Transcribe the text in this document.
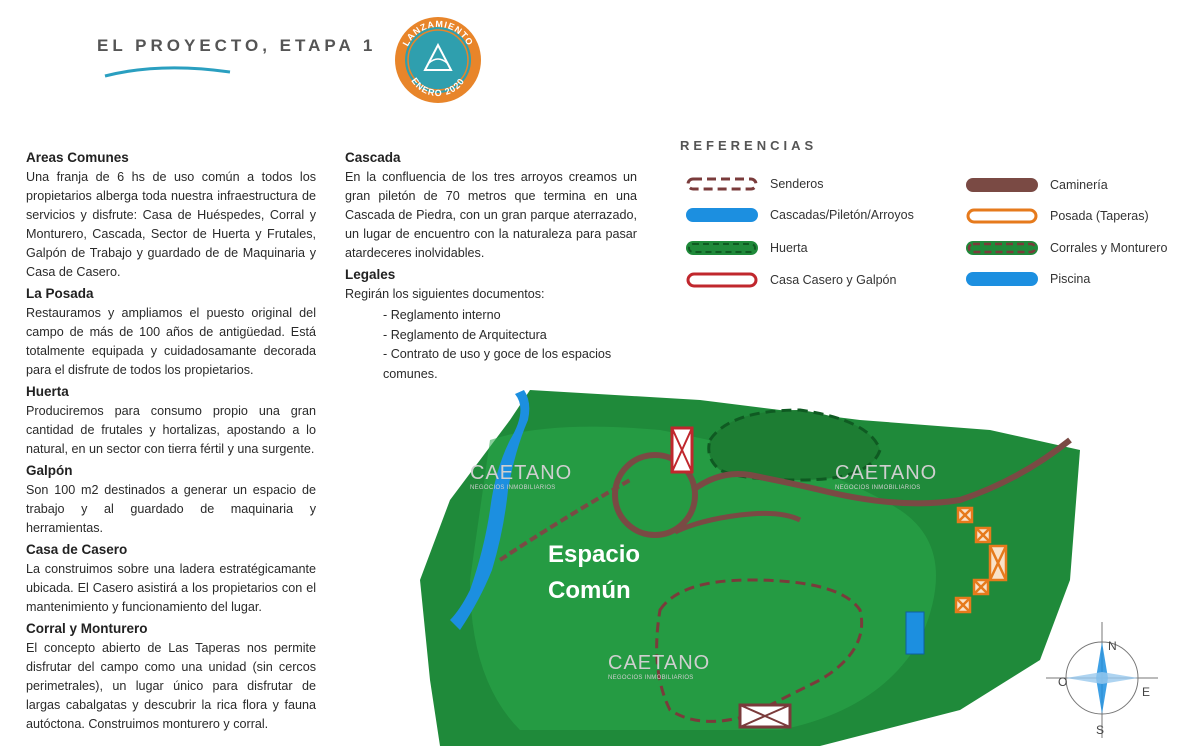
EL PROYECTO, ETAPA 1	LANZAMIENTO
ENERO 2020
Areas Comunes

Una franja de 6 hs de uso común a todos los propietarios alberga toda nuestra infraestructura de servicios y disfrute: Casa de Huéspedes, Corral y Monturero, Cascada, Sector de Huerta y Frutales, Galpón de Trabajo y guardado de de Maquinaria y Casa de Casero.

La Posada

Restauramos y ampliamos el puesto original del campo de más de 100 años de antigüedad. Está totalmente equipada y cuidadosamante decorada para el disfrute de todos los propietarios.

Huerta

Produciremos para consumo propio una gran cantidad de frutales y hortalizas, apostando a lo natural, en un sector con tierra fértil y una surgente.

Galpón

Son 100 m2 destinados a generar un espacio de trabajo y al guardado de maquinaria y herramientas.

Casa de Casero

La construimos sobre una ladera estratégicamante ubicada. El Casero asistirá a los propietarios con el mantenimiento y funcionamiento del lugar.

Corral y Monturero

El concepto abierto de Las Taperas nos permite disfrutar del campo como una unidad (sin cercos perimetrales), un lugar único para disfrutar de largas cabalgatas y descubrir la rica flora y fauna autóctona. Construimos monturero y corral.

Cascada

En la confluencia de los tres arroyos creamos un gran piletón de 70 metros que termina en una Cascada de Piedra, con un gran parque aterrazado, un lugar de encuentro con la naturaleza para pasar atardeceres inolvidables.

Legales

Regirán los siguientes documentos:

- Reglamento interno
- Reglamento de Arquitectura
- Contrato de uso y goce de los espacios comunes.
REFERENCIAS
Senderos	Caminería
Cascadas/Piletón/Arroyos	Posada (Taperas)
Huerta	Corrales y Monturero
Casa Casero y Galpón	Piscina
Espacio
Común
CAETANO
NEGOCIOS INMOBILIARIOS
CAETANO
NEGOCIOS INMOBILIARIOS
CAETANO
NEGOCIOS INMOBILIARIOS
N
S
E
O
